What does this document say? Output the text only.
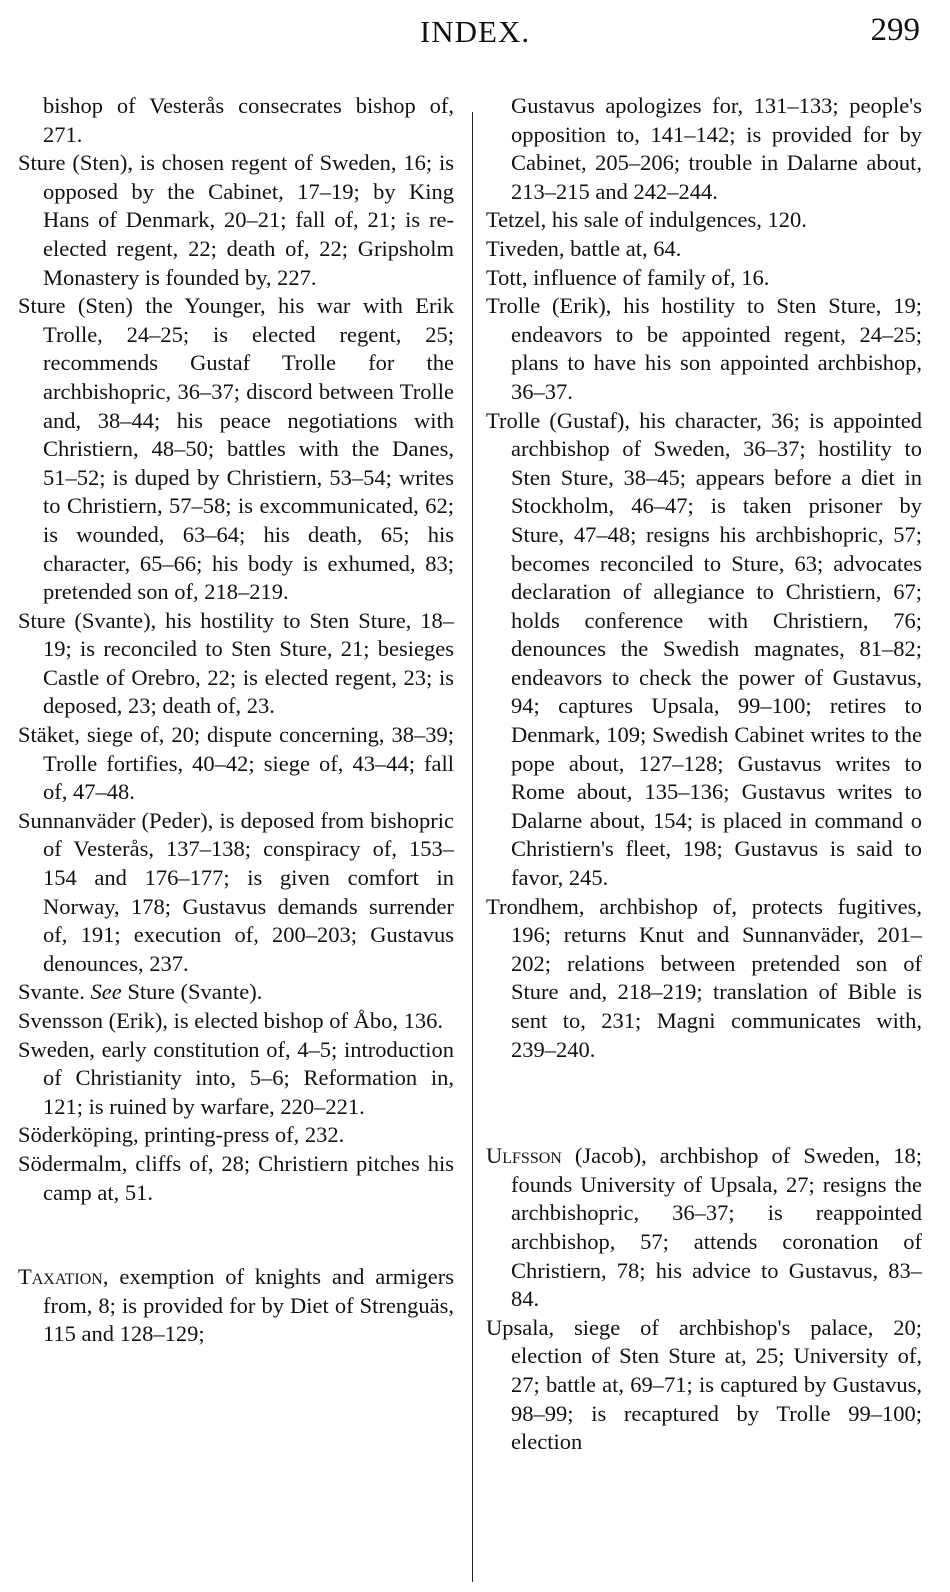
INDEX.	299

bishop of Vesterås consecrates bishop of, 271.

Sture (Sten), is chosen regent of Sweden, 16; is opposed by the Cabinet, 17–19; by King Hans of Denmark, 20–21; fall of, 21; is re-elected regent, 22; death of, 22; Gripsholm Monastery is founded by, 227.

Sture (Sten) the Younger, his war with Erik Trolle, 24–25; is elected regent, 25; recommends Gustaf Trolle for the archbishopric, 36–37; discord between Trolle and, 38–44; his peace negotiations with Christiern, 48–50; battles with the Danes, 51–52; is duped by Christiern, 53–54; writes to Christiern, 57–58; is excommunicated, 62; is wounded, 63–64; his death, 65; his character, 65–66; his body is exhumed, 83; pretended son of, 218–219.

Sture (Svante), his hostility to Sten Sture, 18–19; is reconciled to Sten Sture, 21; besieges Castle of Orebro, 22; is elected regent, 23; is deposed, 23; death of, 23.

Stäket, siege of, 20; dispute concerning, 38–39; Trolle fortifies, 40–42; siege of, 43–44; fall of, 47–48.

Sunnanväder (Peder), is deposed from bishopric of Vesterås, 137–138; conspiracy of, 153–154 and 176–177; is given comfort in Norway, 178; Gustavus demands surrender of, 191; execution of, 200–203; Gustavus denounces, 237.

Svante. See Sture (Svante).

Svensson (Erik), is elected bishop of Åbo, 136.

Sweden, early constitution of, 4–5; introduction of Christianity into, 5–6; Reformation in, 121; is ruined by warfare, 220–221.

Söderköping, printing-press of, 232.

Södermalm, cliffs of, 28; Christiern pitches his camp at, 51.

Taxation, exemption of knights and armigers from, 8; is provided for by Diet of Strenguäs, 115 and 128–129;

Gustavus apologizes for, 131–133; people's opposition to, 141–142; is provided for by Cabinet, 205–206; trouble in Dalarne about, 213–215 and 242–244.

Tetzel, his sale of indulgences, 120.

Tiveden, battle at, 64.

Tott, influence of family of, 16.

Trolle (Erik), his hostility to Sten Sture, 19; endeavors to be appointed regent, 24–25; plans to have his son appointed archbishop, 36–37.

Trolle (Gustaf), his character, 36; is appointed archbishop of Sweden, 36–37; hostility to Sten Sture, 38–45; appears before a diet in Stockholm, 46–47; is taken prisoner by Sture, 47–48; resigns his archbishopric, 57; becomes reconciled to Sture, 63; advocates declaration of allegiance to Christiern, 67; holds conference with Christiern, 76; denounces the Swedish magnates, 81–82; endeavors to check the power of Gustavus, 94; captures Upsala, 99–100; retires to Denmark, 109; Swedish Cabinet writes to the pope about, 127–128; Gustavus writes to Rome about, 135–136; Gustavus writes to Dalarne about, 154; is placed in command o Christiern's fleet, 198; Gustavus is said to favor, 245.

Trondhem, archbishop of, protects fugitives, 196; returns Knut and Sunnanväder, 201–202; relations between pretended son of Sture and, 218–219; translation of Bible is sent to, 231; Magni communicates with, 239–240.

Ulfsson (Jacob), archbishop of Sweden, 18; founds University of Upsala, 27; resigns the archbishopric, 36–37; is reappointed archbishop, 57; attends coronation of Christiern, 78; his advice to Gustavus, 83–84.

Upsala, siege of archbishop's palace, 20; election of Sten Sture at, 25; University of, 27; battle at, 69–71; is captured by Gustavus, 98–99; is recaptured by Trolle 99–100; election
